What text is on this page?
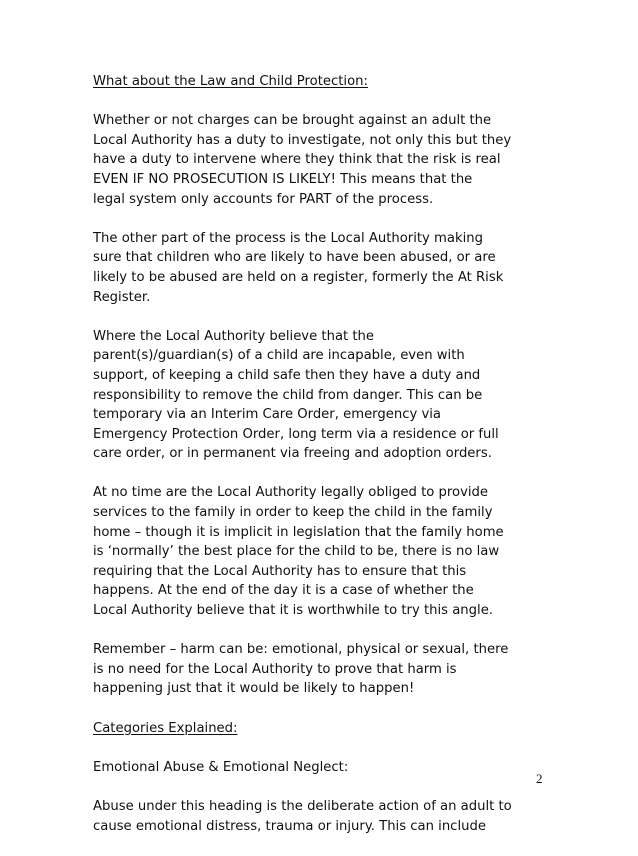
What about the Law and Child Protection:

Whether or not charges can be brought against an adult the
Local Authority has a duty to investigate, not only this but they
have a duty to intervene where they think that the risk is real
EVEN IF NO PROSECUTION IS LIKELY! This means that the
legal system only accounts for PART of the process.

The other part of the process is the Local Authority making
sure that children who are likely to have been abused, or are
likely to be abused are held on a register, formerly the At Risk
Register.

Where the Local Authority believe that the
parent(s)/guardian(s) of a child are incapable, even with
support, of keeping a child safe then they have a duty and
responsibility to remove the child from danger. This can be
temporary via an Interim Care Order, emergency via
Emergency Protection Order, long term via a residence or full
care order, or in permanent via freeing and adoption orders.

At no time are the Local Authority legally obliged to provide
services to the family in order to keep the child in the family
home – though it is implicit in legislation that the family home
is ‘normally’ the best place for the child to be, there is no law
requiring that the Local Authority has to ensure that this
happens. At the end of the day it is a case of whether the
Local Authority believe that it is worthwhile to try this angle.

Remember – harm can be: emotional, physical or sexual, there
is no need for the Local Authority to prove that harm is
happening just that it would be likely to happen!

Categories Explained:

Emotional Abuse & Emotional Neglect:

Abuse under this heading is the deliberate action of an adult to
cause emotional distress, trauma or injury. This can include

2
